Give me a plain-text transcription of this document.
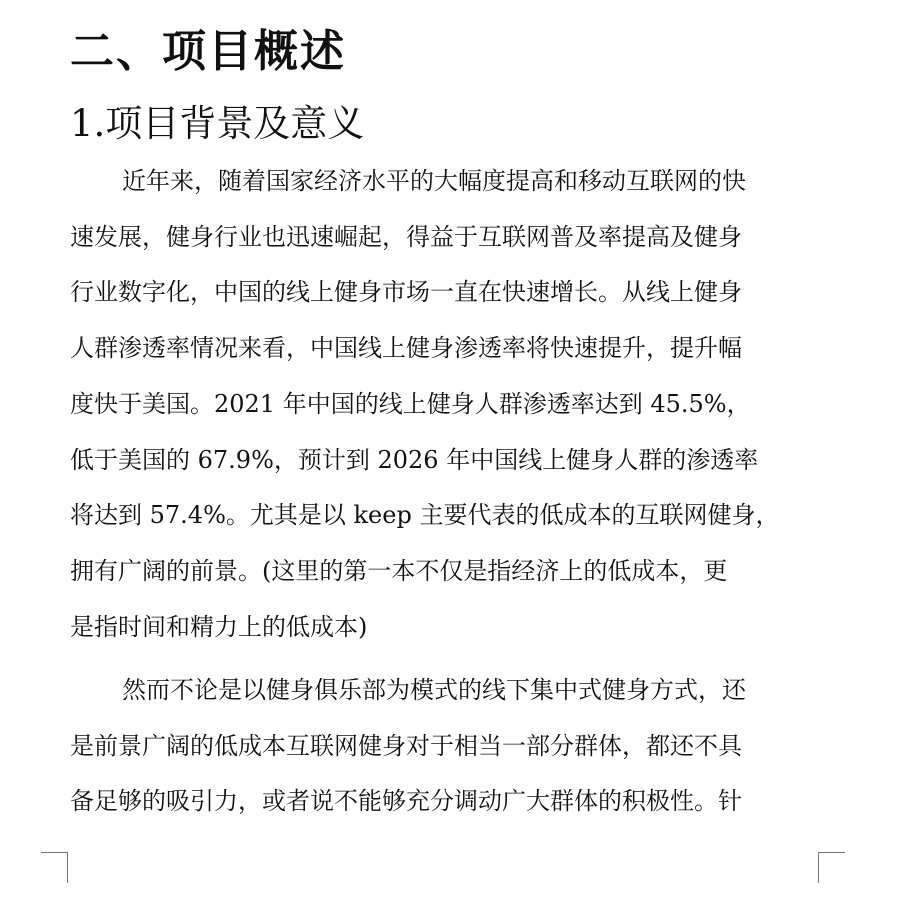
二、项目概述
1.项目背景及意义

近年来，随着国家经济水平的大幅度提高和移动互联网的快
速发展，健身行业也迅速崛起，得益于互联网普及率提高及健身
行业数字化，中国的线上健身市场一直在快速增长。从线上健身
人群渗透率情况来看，中国线上健身渗透率将快速提升，提升幅
度快于美国。2021 年中国的线上健身人群渗透率达到 45.5%，
低于美国的 67.9%，预计到 2026 年中国线上健身人群的渗透率
将达到 57.4%。尤其是以 keep 主要代表的低成本的互联网健身，
拥有广阔的前景。(这里的第一本不仅是指经济上的低成本，更
是指时间和精力上的低成本)

然而不论是以健身俱乐部为模式的线下集中式健身方式，还
是前景广阔的低成本互联网健身对于相当一部分群体，都还不具
备足够的吸引力，或者说不能够充分调动广大群体的积极性。针
